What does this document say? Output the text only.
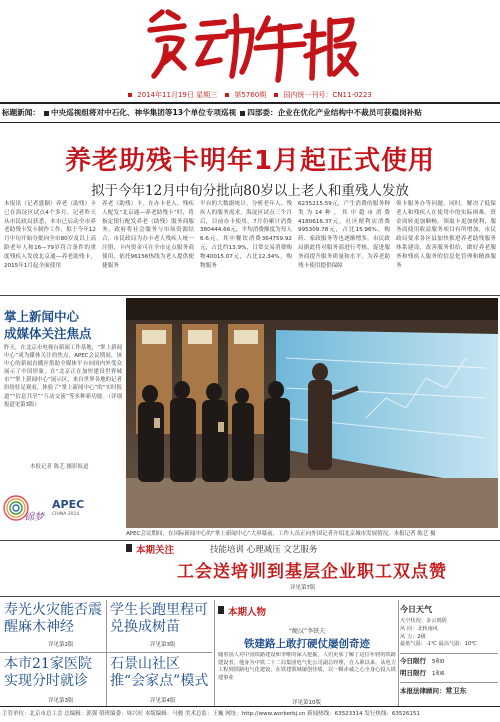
2014年11月19日 星期三 第5760期 国内统一刊号：CN11-0223
标题新闻： 中央巡视组将对中石化、神华集团等13个单位专项巡视 四部委：企业在优化产业结构中不裁员可获稳岗补贴
养老助残卡明年1月起正式使用
拟于今年12月中旬分批向80岁以上老人和重残人发放
本报讯（记者盛颖）养老（助残）卡已在海淀区试点4个多月，记者昨天从市民政局获悉，本市已启动全市养老助残卡发卡制作工作，拟于今年12月中旬开始分批向全市80岁及以上高龄老年人和16—79岁符合条件的重度残疾人发放北京通—养老助残卡，2015年1月起全面使用
养老（助残）卡。在办卡老人、残疾人配发“北京通—养老助残卡”时，将指定银行配发养老（助残）服务商服务，政府将社会服务与市场资源结合，市民政局为办卡老人残疾人统一注册，卡内资金可在全市定点服务商使用，依托96156热线为老人提供便捷服务
平台的大数据统计，分析老年人、残疾人的服务需求。海淀区试点三个月后，目前办卡使用，7月份累计消费380444.66元，平均消费额度为每人6.6元，其中餐饮消费364759.92元，占比约13.9%，日常交易消费购物40015.07元，占比12.34%，购物服务
6235215.59元，产生消费的服务种类为14种，其中超市消费4180616.37元，社区便利店消费995309.78元，占比15.96%，购药、家政服务等也逐渐增多。市民政局据此将对服务商进行考核，促进服务商提升服务质量和水平，为养老助残卡使用提供保障
领卡服务办等问题。同时，解决了低保老人和残疾人在使用中的实际困难，资金周转更加顺畅，领取卡更加便利，服务商使用收益服务项目有所增加，市民政局要求各区县加快推进养老助残服务体系建设，改善服务供给，做好养老服务和残疾人服务的信息化管理和精准服务
掌上新闻中心
成媒体关注焦点
昨天，在北京市电视台新闻工作基地，“掌上新闻中心”成为媒体关注的焦点，APEC会议期间，该中心的新闻直播区借助全媒体平台向国内外受众展示了中国形象，在“北京正在加快建设世界城市”“掌上新闻中心”展示区，来自世界各地的记者纷纷驻足观看，体验了“掌上新闻中心”的“实时报道”“信息共享”“互动交流”等多种新功能。（详细报道见第3版）
本报记者 陈艺 摄影报道
锦梦
APEC
CHINA 2014
APEC会议期间，在国际新闻中心的“掌上新闻中心”大屏幕前，工作人员正向外国记者介绍北京城市发展情况。本报记者 陈艺 摄
本期关注	技能培训 心理减压 文艺服务
工会送培训到基层企业职工双点赞
详见第7版
寿光火灾能否震醒麻木神经
详见第2版
学生长跑里程可兑换成树苗
详见第3版
本市21家医院实现分时就诊
详见第3版
石景山社区推“会家点”模式
详见第4版
本期人物
“硬汉”李铁夫
铁建路上敢打硬仗屡创奇迹
随着国人对中国铁路建设和李维的深入挖掘，人们更加了解了这位年轻的铁路建设者，他身为中铁二十二局集团电气化公司副总经理，自入职以来，从电力工程到铁路电气化建设，在铁建领域屡创佳绩，以一颗赤诚之心全身心投入铁建事业
详见第10版
今日天气
天空状况：多云到阴
风 向：北转南风
风 力：2级
最低气温：-1℃ 最高气温：10℃
今日限行 5和0
明日限行 1和6
本报法律顾问：常卫东
主管单位：北京市总工会 总编辑：郭强 值班编委：周兴旺 本版编辑：马骏 美术总监：王巍 网址：http://www.workerbj.cn 新闻热线：63523314 发行热线：63526151
